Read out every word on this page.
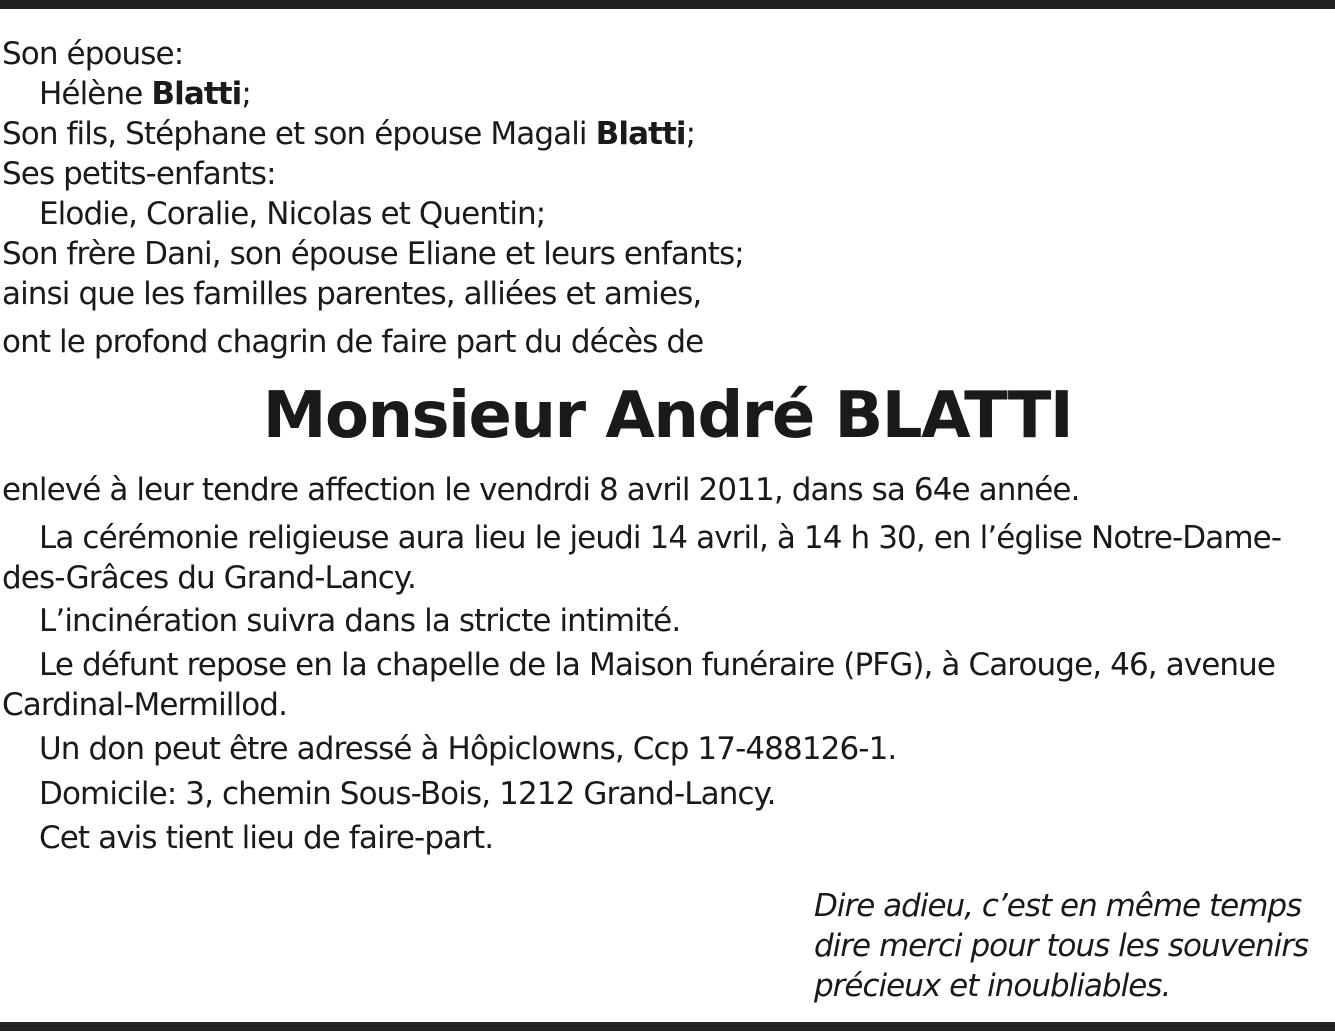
Son épouse:
Hélène Blatti;
Son fils, Stéphane et son épouse Magali Blatti;
Ses petits-enfants:
Elodie, Coralie, Nicolas et Quentin;
Son frère Dani, son épouse Eliane et leurs enfants;
ainsi que les familles parentes, alliées et amies,
ont le profond chagrin de faire part du décès de
Monsieur André BLATTI
enlevé à leur tendre affection le vendrdi 8 avril 2011, dans sa 64e année.
La cérémonie religieuse aura lieu le jeudi 14 avril, à 14 h 30, en l’église Notre-Dame-
des-Grâces du Grand-Lancy.
L’incinération suivra dans la stricte intimité.
Le défunt repose en la chapelle de la Maison funéraire (PFG), à Carouge, 46, avenue
Cardinal-Mermillod.
Un don peut être adressé à Hôpiclowns, Ccp 17-488126-1.
Domicile: 3, chemin Sous-Bois, 1212 Grand-Lancy.
Cet avis tient lieu de faire-part.
Dire adieu, c’est en même temps
dire merci pour tous les souvenirs
précieux et inoubliables.
